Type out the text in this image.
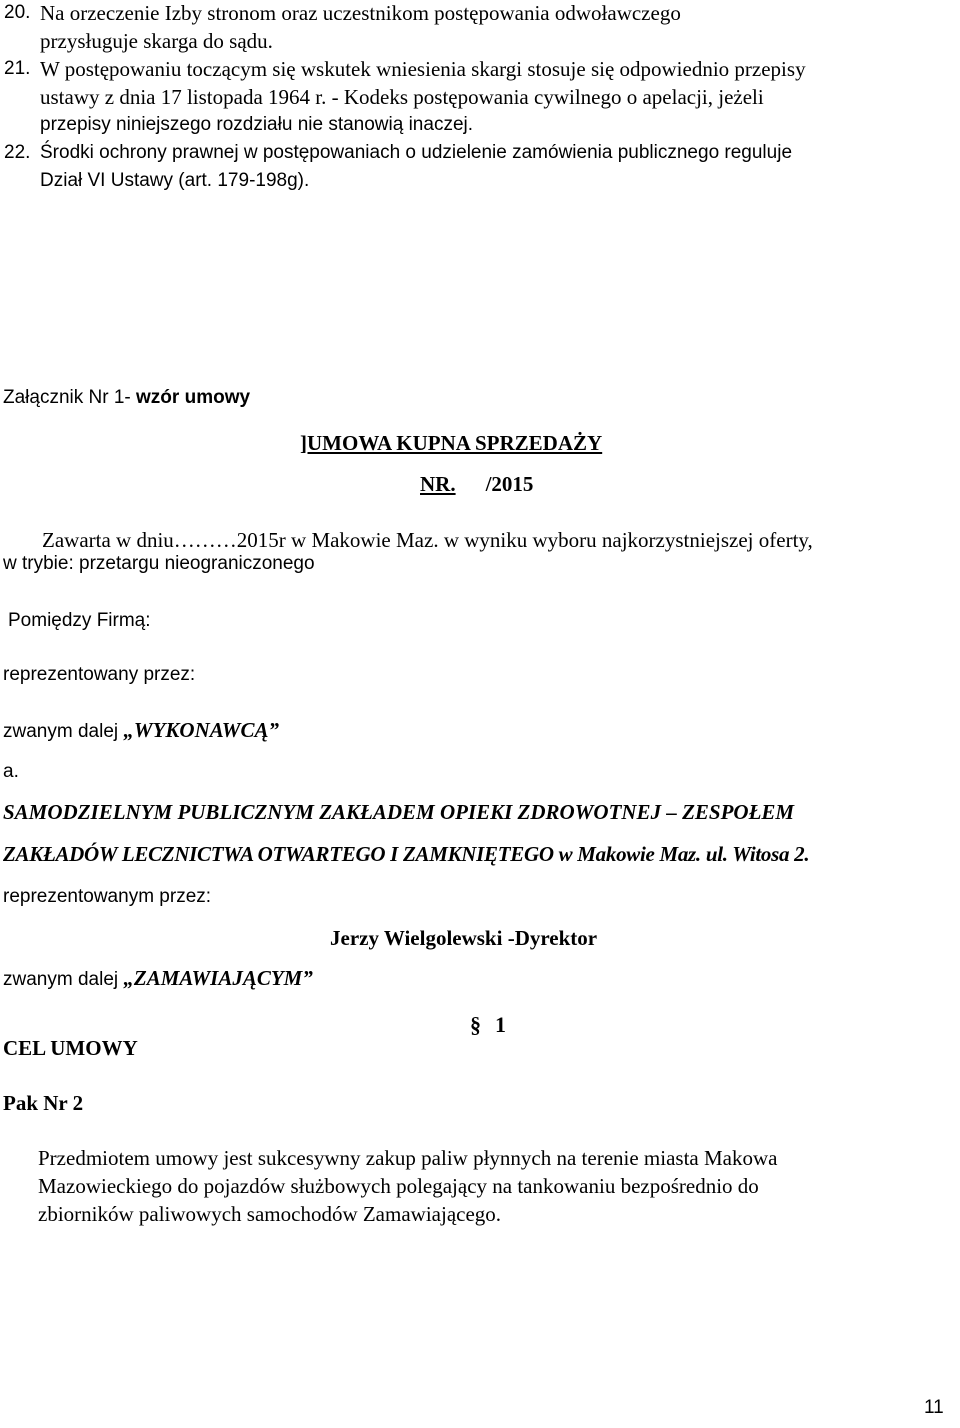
20. Na orzeczenie Izby stronom oraz uczestnikom postępowania odwoławczego
przysługuje skarga do sądu.
21. W postępowaniu toczącym się wskutek wniesienia skargi stosuje się odpowiednio przepisy
ustawy z dnia 17 listopada 1964 r. - Kodeks postępowania cywilnego o apelacji, jeżeli
przepisy niniejszego rozdziału nie stanowią inaczej.
22. Środki ochrony prawnej w postępowaniach o udzielenie zamówienia publicznego reguluje
Dział VI Ustawy (art. 179-198g).
Załącznik Nr 1- wzór umowy
]UMOWA KUPNA SPRZEDAŻY
NR. /2015
Zawarta w dniu………2015r w Makowie Maz. w wyniku wyboru najkorzystniejszej oferty,
w trybie: przetargu nieograniczonego
Pomiędzy Firmą:
reprezentowany przez:
zwanym dalej „WYKONAWCĄ”
a.
SAMODZIELNYM PUBLICZNYM ZAKŁADEM OPIEKI ZDROWOTNEJ – ZESPOŁEM
ZAKŁADÓW LECZNICTWA OTWARTEGO I ZAMKNIĘTEGO w Makowie Maz. ul. Witosa 2.
reprezentowanym przez:
Jerzy Wielgolewski -Dyrektor
zwanym dalej „ZAMAWIAJĄCYM”
§ 1
CEL UMOWY
Pak Nr 2
Przedmiotem umowy jest sukcesywny zakup paliw płynnych na terenie miasta Makowa
Mazowieckiego do pojazdów służbowych polegający na tankowaniu bezpośrednio do
zbiorników paliwowych samochodów Zamawiającego.
11
